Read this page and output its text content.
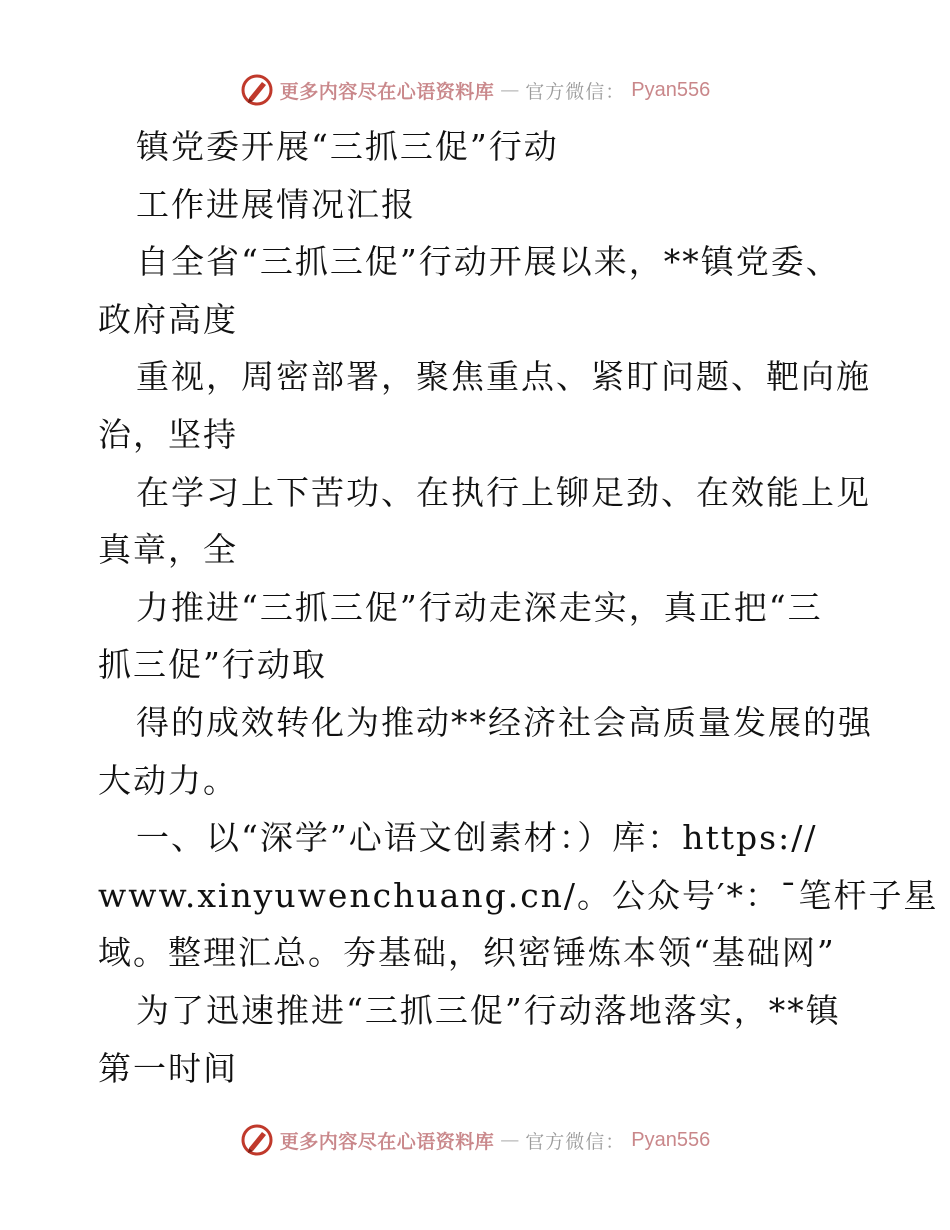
更多内容尽在心语资料库 — 官方微信： Pyan556
镇党委开展“三抓三促”行动
工作进展情况汇报
自全省“三抓三促”行动开展以来，**镇党委、
政府高度
重视，周密部署，聚焦重点、紧盯问题、靶向施
治，坚持
在学习上下苦功、在执行上铆足劲、在效能上见
真章，全
力推进“三抓三促”行动走深走实，真正把“三
抓三促”行动取
得的成效转化为推动**经济社会高质量发展的强
大动力。
一、以“深学”心语文创素材：）库：https://
www.xinyuwenchuang.cn/。公众号′*：¯笔杆子星
域。整理汇总。夯基础，织密锤炼本领“基础网”
为了迅速推进“三抓三促”行动落地落实，**镇
第一时间
更多内容尽在心语资料库 — 官方微信： Pyan556
